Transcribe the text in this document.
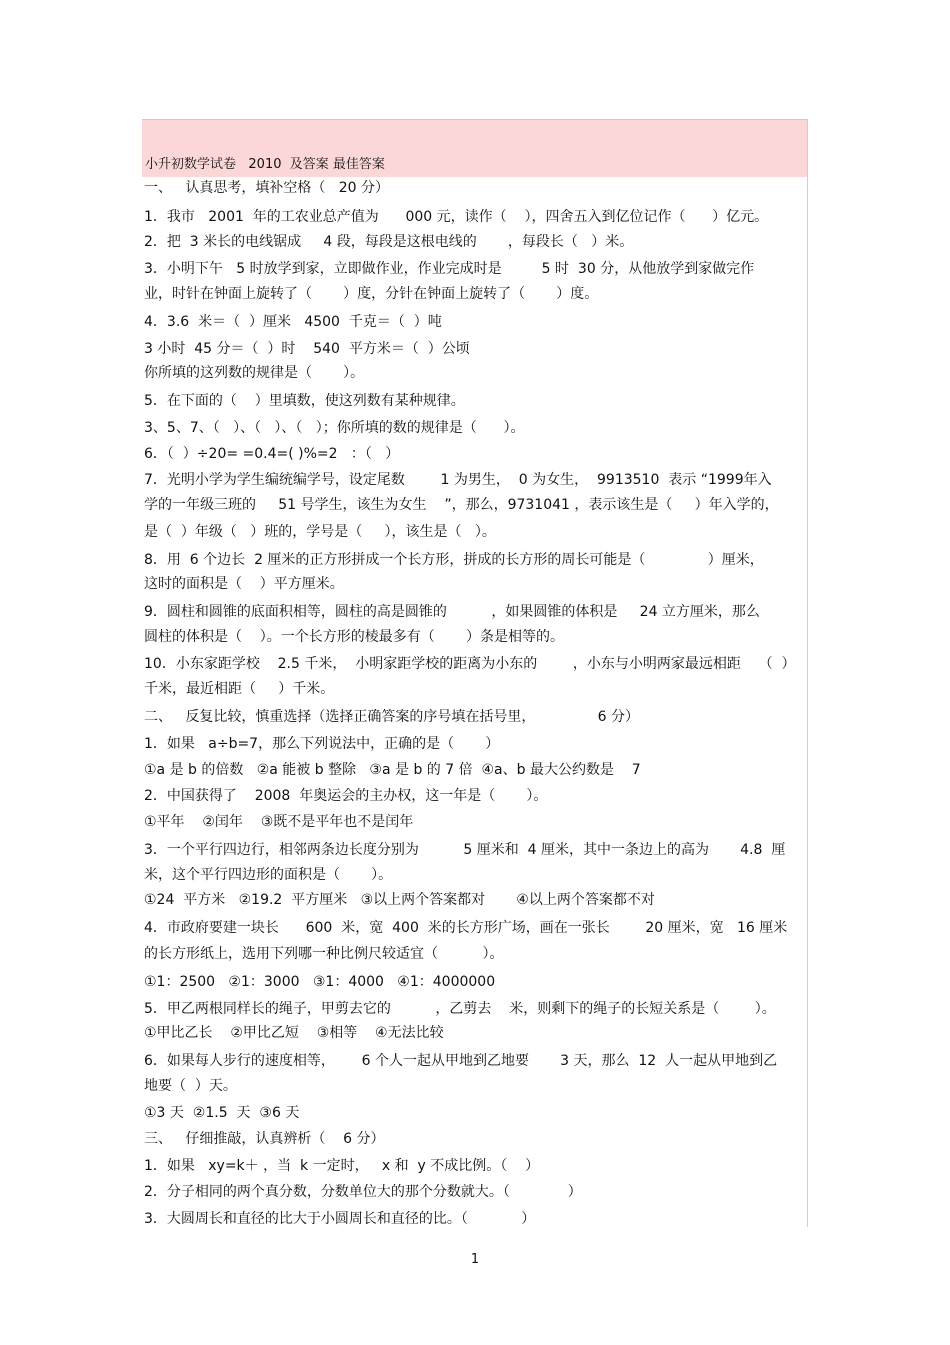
小升初数学试卷   2010  及答案 最佳答案
一、   认真思考，填补空格（   20 分）
1．我市   2001  年的工农业总产值为      000 元，读作（    ），四舍五入到亿位记作（      ）亿元。
2．把  3 米长的电线锯成     4 段，每段是这根电线的       ，每段长（   ）米。
3．小明下午   5 时放学到家，立即做作业，作业完成时是         5 时  30 分，从他放学到家做完作
业，时针在钟面上旋转了（       ）度，分针在钟面上旋转了（       ）度。
4．3.6  米＝（  ）厘米   4500  千克＝（  ）吨
3 小时  45 分＝（  ）时    540  平方米＝（  ）公顷
你所填的这列数的规律是（       ）。
5．在下面的（    ）里填数，使这列数有某种规律。
3、5、7、（   ）、（   ）、（   ）；你所填的数的规律是（      ）。
6．（  ）÷20= =0.4=( )%=2   ：（   ）
7．光明小学为学生编统编学号，设定尾数        1 为男生，  0 为女生，  9913510  表示 “1999年入
学的一年级三班的     51 号学生，该生为女生    ”，那么，9731041 ，表示该生是（     ）年入学的，
是（  ）年级（   ）班的，学号是（     ），该生是（   ）。
8．用  6 个边长  2 厘米的正方形拼成一个长方形，拼成的长方形的周长可能是（              ）厘米，
这时的面积是（    ）平方厘米。
9．圆柱和圆锥的底面积相等，圆柱的高是圆锥的          ，如果圆锥的体积是     24 立方厘米，那么
圆柱的体积是（    ）。一个长方形的棱最多有（       ）条是相等的。
10．小东家距学校    2.5 千米，  小明家距学校的距离为小东的        ，小东与小明两家最远相距    （  ）
千米，最近相距（     ）千米。
二、   反复比较，慎重选择（选择正确答案的序号填在括号里，              6 分）
1．如果   a÷b=7，那么下列说法中，正确的是（       ）
①a 是 b 的倍数   ②a 能被 b 整除   ③a 是 b 的 7 倍  ④a、b 最大公约数是    7
2．中国获得了    2008  年奥运会的主办权，这一年是（       ）。
①平年    ②闰年    ③既不是平年也不是闰年
3．一个平行四边行，相邻两条边长度分别为          5 厘米和  4 厘米，其中一条边上的高为       4.8  厘
米，这个平行四边形的面积是（       ）。
①24  平方米   ②19.2  平方厘米   ③以上两个答案都对       ④以上两个答案都不对
4．市政府要建一块长      600  米，宽  400  米的长方形广场，画在一张长        20 厘米，宽   16 厘米
的长方形纸上，选用下列哪一种比例尺较适宜（          ）。
①1：2500   ②1：3000   ③1：4000   ④1：4000000
5．甲乙两根同样长的绳子，甲剪去它的          ，乙剪去    米，则剩下的绳子的长短关系是（        ）。
①甲比乙长    ②甲比乙短    ③相等    ④无法比较
6．如果每人步行的速度相等，      6 个人一起从甲地到乙地要       3 天，那么  12  人一起从甲地到乙
地要（  ）天。
①3 天  ②1.5  天  ③6 天
三、   仔细推敲，认真辨析（    6 分）
1．如果   xy=k＋ ，当  k 一定时，   x 和  y 不成比例。（    ）
2．分子相同的两个真分数，分数单位大的那个分数就大。（             ）
3．大圆周长和直径的比大于小圆周长和直径的比。（            ）
1
